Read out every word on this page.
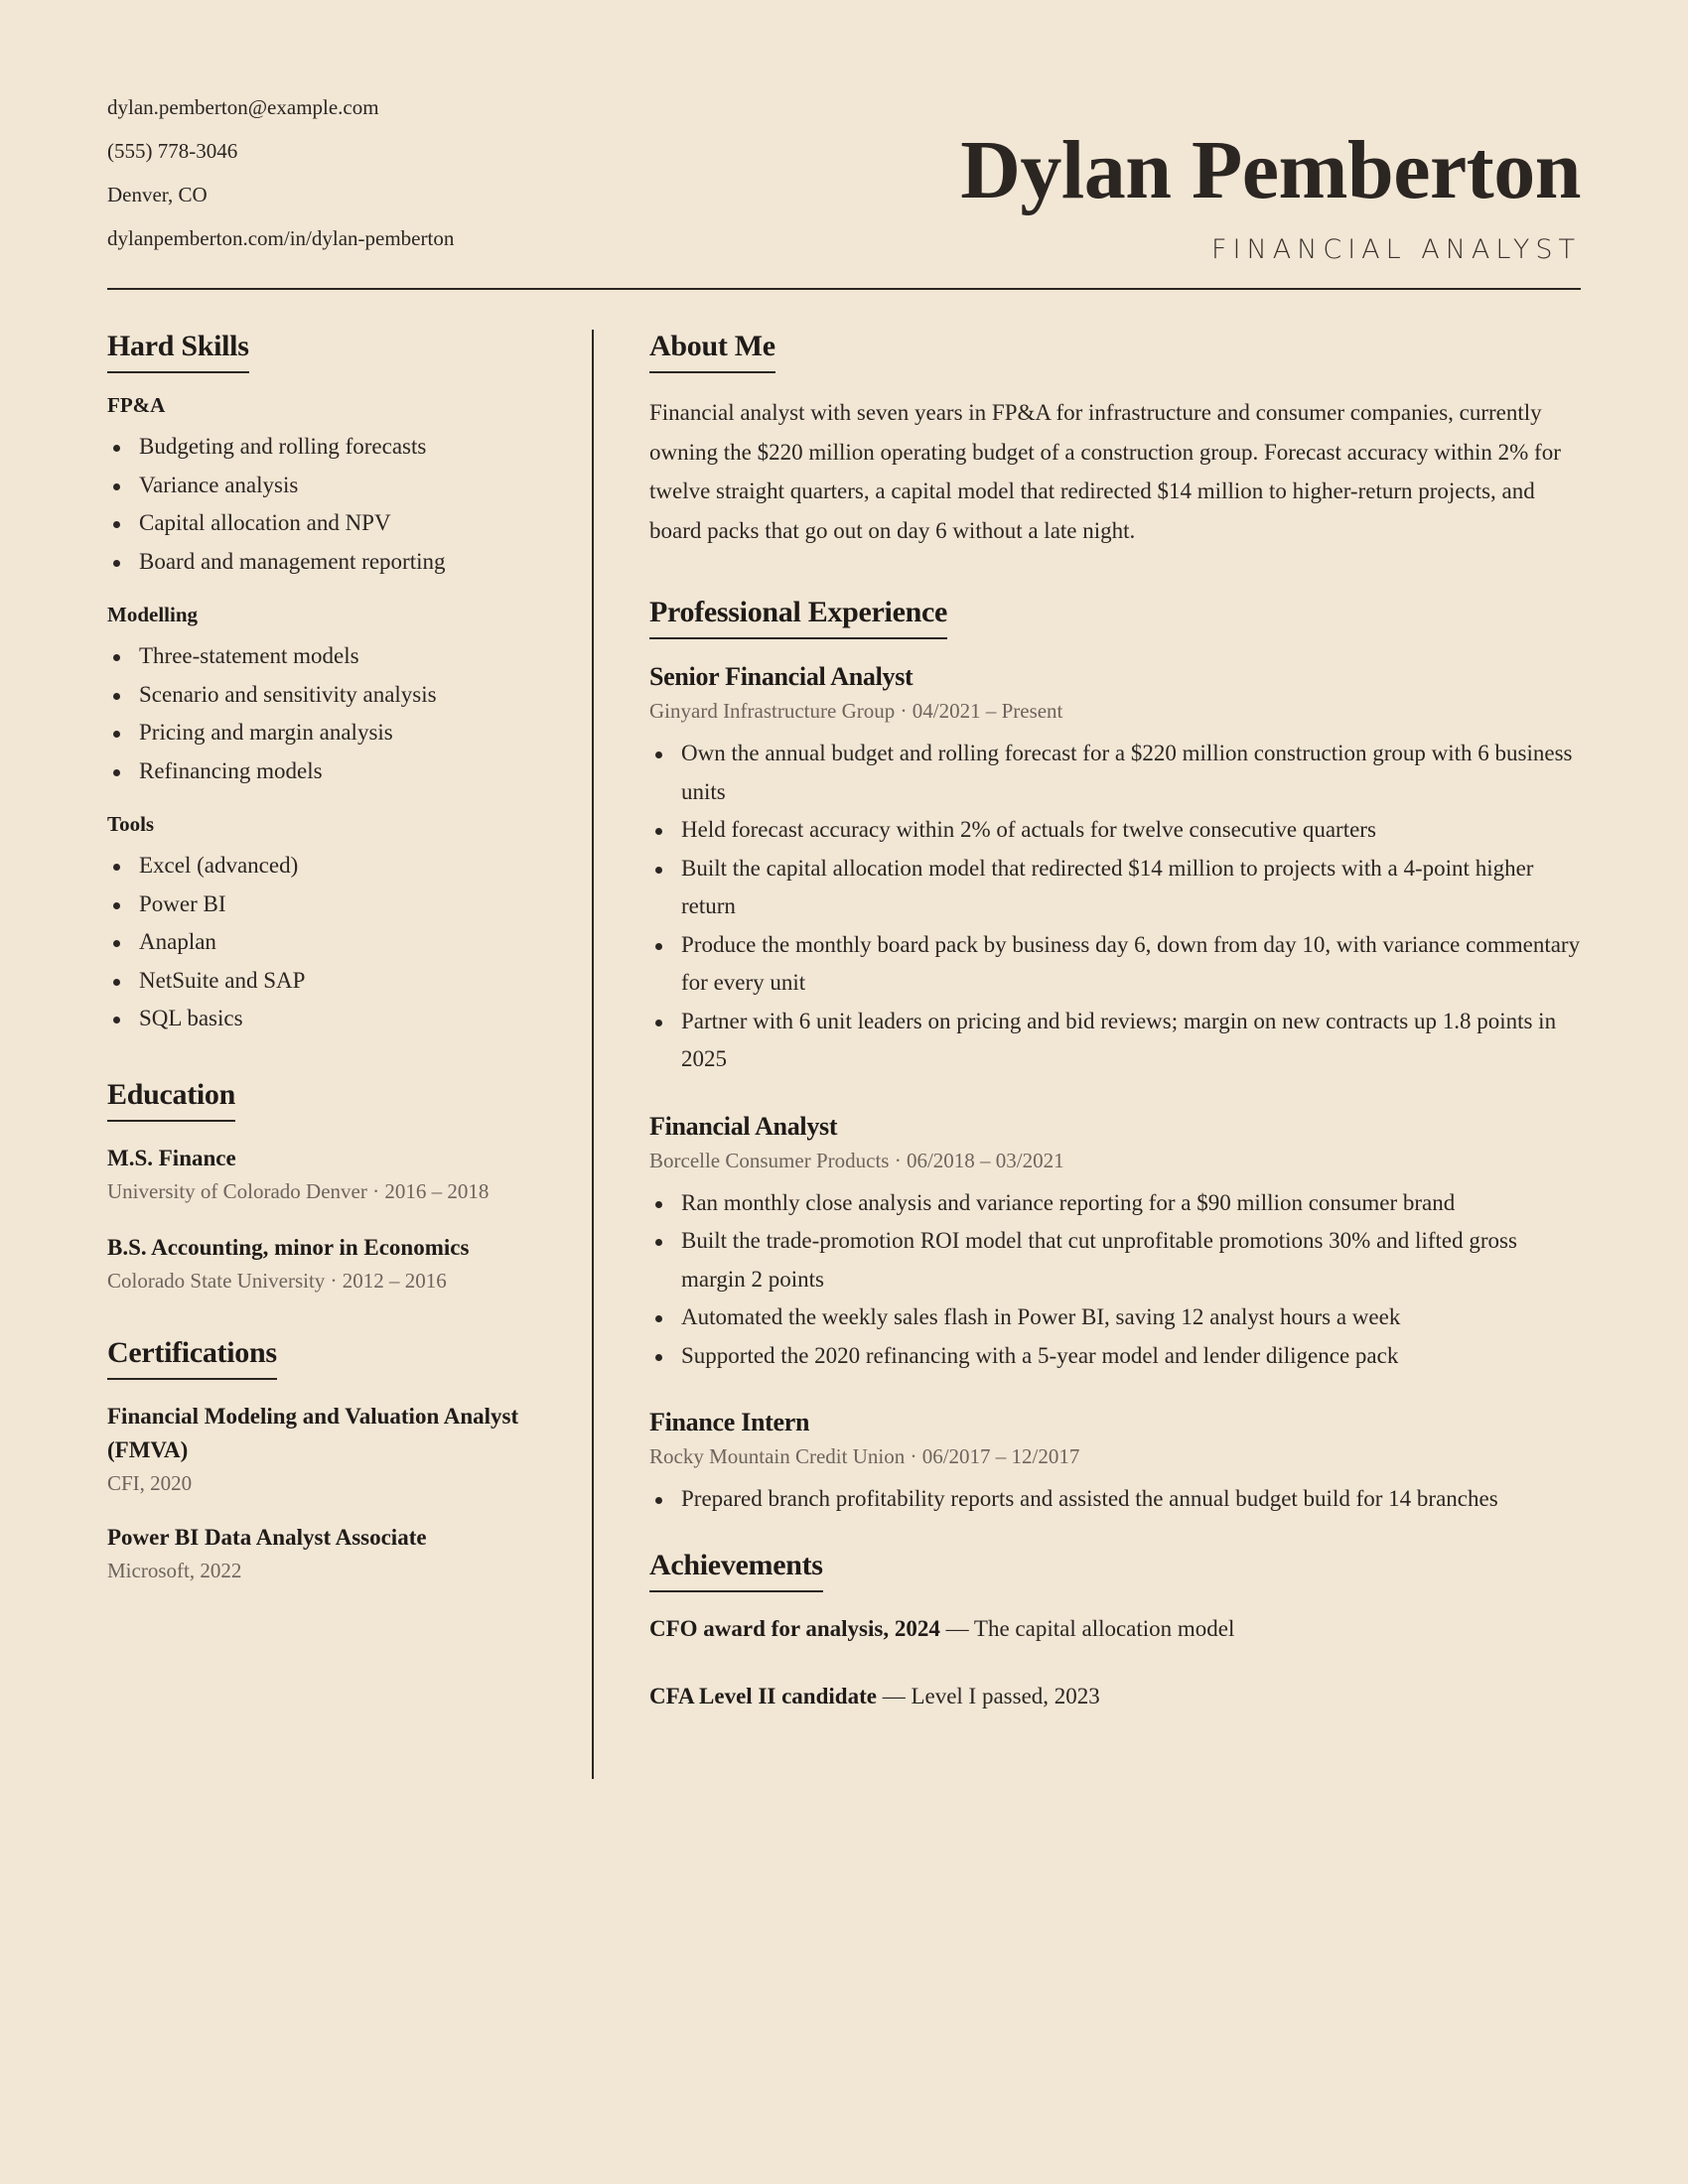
dylan.pemberton@example.com
(555) 778-3046
Denver, CO
dylanpemberton.com/in/dylan-pemberton
Dylan Pemberton
FINANCIAL ANALYST
Hard Skills
FP&A
Budgeting and rolling forecasts
Variance analysis
Capital allocation and NPV
Board and management reporting
Modelling
Three-statement models
Scenario and sensitivity analysis
Pricing and margin analysis
Refinancing models
Tools
Excel (advanced)
Power BI
Anaplan
NetSuite and SAP
SQL basics
Education
M.S. Finance
University of Colorado Denver · 2016 – 2018
B.S. Accounting, minor in Economics
Colorado State University · 2012 – 2016
Certifications
Financial Modeling and Valuation Analyst (FMVA)
CFI, 2020
Power BI Data Analyst Associate
Microsoft, 2022
About Me

Financial analyst with seven years in FP&A for infrastructure and consumer companies, currently owning the $220 million operating budget of a construction group. Forecast accuracy within 2% for twelve straight quarters, a capital model that redirected $14 million to higher-return projects, and board packs that go out on day 6 without a late night.

Professional Experience
Senior Financial Analyst
Ginyard Infrastructure Group · 04/2021 – Present
Own the annual budget and rolling forecast for a $220 million construction group with 6 business units
Held forecast accuracy within 2% of actuals for twelve consecutive quarters
Built the capital allocation model that redirected $14 million to projects with a 4-point higher return
Produce the monthly board pack by business day 6, down from day 10, with variance commentary for every unit
Partner with 6 unit leaders on pricing and bid reviews; margin on new contracts up 1.8 points in 2025
Financial Analyst
Borcelle Consumer Products · 06/2018 – 03/2021
Ran monthly close analysis and variance reporting for a $90 million consumer brand
Built the trade-promotion ROI model that cut unprofitable promotions 30% and lifted gross margin 2 points
Automated the weekly sales flash in Power BI, saving 12 analyst hours a week
Supported the 2020 refinancing with a 5-year model and lender diligence pack
Finance Intern
Rocky Mountain Credit Union · 06/2017 – 12/2017
Prepared branch profitability reports and assisted the annual budget build for 14 branches
Achievements
CFO award for analysis, 2024 — The capital allocation model
CFA Level II candidate — Level I passed, 2023
